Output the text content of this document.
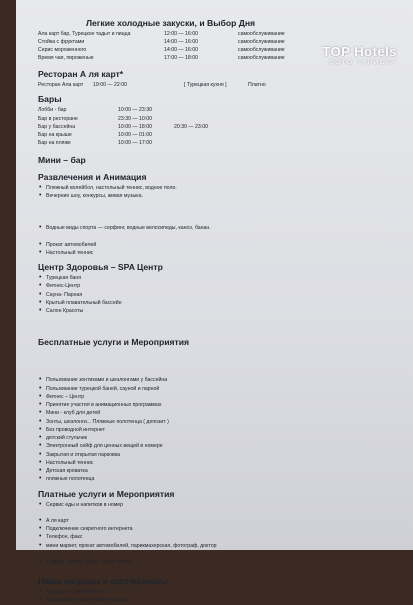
TOP Hotels
ФОТО ТУРИСТА
Легкие холодные закуски, и Выбор Дня
Ала карт бар, Турецкое тадыт и пицца	12:00 — 16:00	самообслуживание
Стойка с фруктами	14:00 — 16:00	самообслуживание
Серис мороженного	14:00 — 16:00	самообслуживание
Время чая, пироженые	17:00 — 18:00	самообслуживание
Ресторан А ля карт*
Ресторан Ала карт 19:00 — 22:00	[ Турецкая кухня ]	Платно
Бары
Лобби - бар	10:00 — 23:30
Бар в ресторане	23:30 — 10:00
Бар у бассейна	10:00 — 18:00	20:30 — 23:00
Бар на крыше	10:00 — 01:00
Бар на пляже	10:00 — 17:00
Мини – бар
Развлечения и Анимация
• Пляжный волейбол, настольный теннис, водное поло.
• Вечерние шоу, конкурсы, живая музыка.
• Водные виды спорта — серфинг, водные велосипеды, каноэ, банан.
• Прокат автомобилей
• Настольный теннис
Центр Здоровья – SPA Центр
• Турецкая баня
• Фитнес-Центр
• Сауна- Парная
• Крытый плавательный бассейн
• Салон Красоты
Бесплатные услуги и Мероприятия
• Пользование зонтиками и шезлонгами у бассейна
• Пользование турецкой баней, сауной и парной
• Фитнес – Центр
• Принятие участия в анимационных программах
• Мини - клуб для детей
• Зонты, шезлонги... Пляжные полотенца ( депозит )
• Без проводной интернет
• детский стульчик
• Электронный сейф для ценных вещей в номере
• Закрытая и открытая парковка
• Настольный теннис
• Детская кроватка
• пляжные полотенца
Платные услуги и Мероприятия
• Сервис еды и напитков в номер
• А ля карт
• Подключение секретного интернета
• Телефон, факс
• мини маркет, прокат автомобилей, парикмахерская, фотограф, доктор
• Стирка, глажка белья, сухая чистка
Наши награды и сертификаты
• Награда «Голубой флаг»
• Сертификат устойчивого туризма
